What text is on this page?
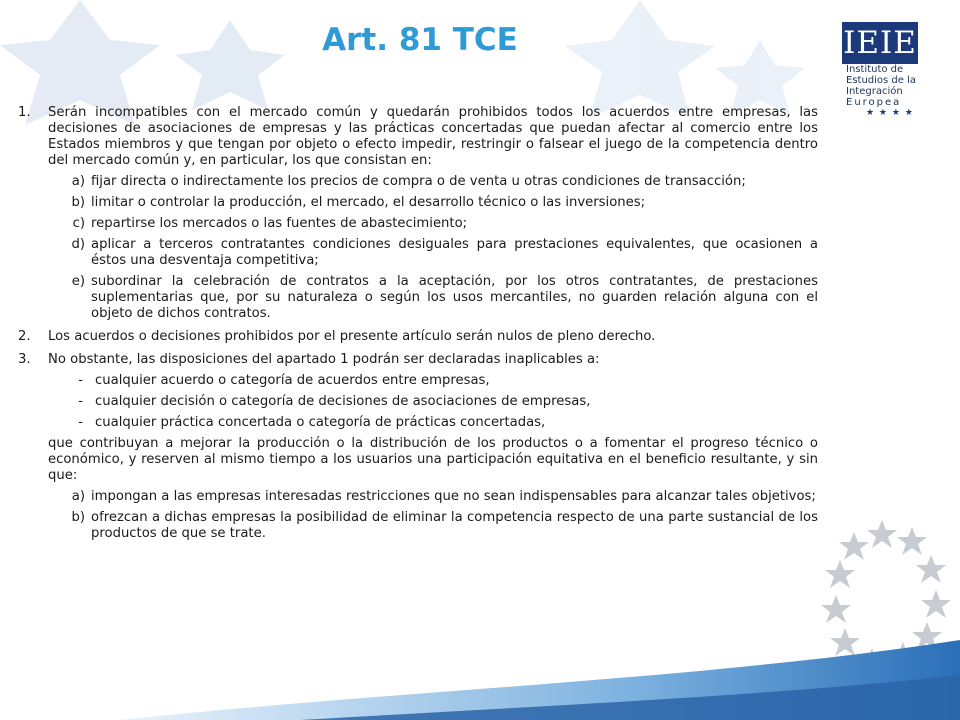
Art. 81 TCE	IEIE
Instituto de
Estudios de la
Integración
Europea
★ ★ ★ ★
1.	Serán incompatibles con el mercado común y quedarán prohibidos todos los acuerdos entre empresas, las decisiones de asociaciones de empresas y las prácticas concertadas que puedan afectar al comercio entre los Estados miembros y que tengan por objeto o efecto impedir, restringir o falsear el juego de la competencia dentro del mercado común y, en particular, los que consistan en:
a) fijar directa o indirectamente los precios de compra o de venta u otras condiciones de transacción;
b) limitar o controlar la producción, el mercado, el desarrollo técnico o las inversiones;
c) repartirse los mercados o las fuentes de abastecimiento;
d) aplicar a terceros contratantes condiciones desiguales para prestaciones equivalentes, que ocasionen a éstos una desventaja competitiva;
e) subordinar la celebración de contratos a la aceptación, por los otros contratantes, de prestaciones suplementarias que, por su naturaleza o según los usos mercantiles, no guarden relación alguna con el objeto de dichos contratos.
2.	Los acuerdos o decisiones prohibidos por el presente artículo serán nulos de pleno derecho.
3.	No obstante, las disposiciones del apartado 1 podrán ser declaradas inaplicables a:
- cualquier acuerdo o categoría de acuerdos entre empresas,
- cualquier decisión o categoría de decisiones de asociaciones de empresas,
- cualquier práctica concertada o categoría de prácticas concertadas,
que contribuyan a mejorar la producción o la distribución de los productos o a fomentar el progreso técnico o económico, y reserven al mismo tiempo a los usuarios una participación equitativa en el beneficio resultante, y sin que:
a) impongan a las empresas interesadas restricciones que no sean indispensables para alcanzar tales objetivos;
b) ofrezcan a dichas empresas la posibilidad de eliminar la competencia respecto de una parte sustancial de los productos de que se trate.
